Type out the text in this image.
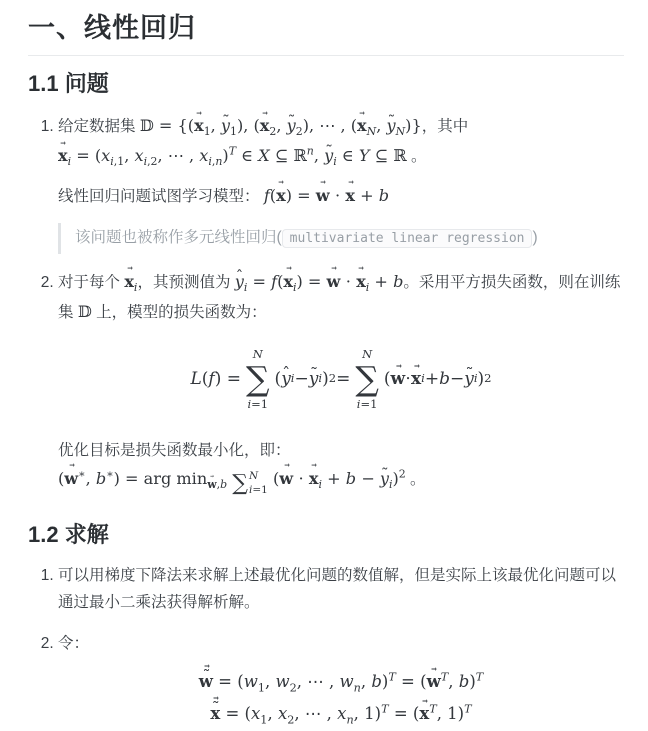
一、线性回归
1.1 问题
1. 给定数据集 𝔻 = {($x \to_1$, y $˜_1$), ($x \to_2$, y $˜_2$), ⋯ , ($x \to_N$, y $˜_N$)}，其中
$x \to_i = (x_{i,1}$, $x_{i,2}$, ⋯ , $x_{i,n})^T$ ∈ X ⊆ ℝ$^n$, y $˜_i$ ∈ Y ⊆ ℝ 。

线性回归问题试图学习模型： f(x →) = w → ⋅ x → + b

该问题也被称作多元线性回归( multivariate linear regression )

2. 对于每个 $x \to_i$，其预测值为 y ˆ$_i$ = $f(x \to_i) = w$ → ⋅ $x \to_i + b$。采用平方损失函数，则在训练集 𝔻 上，模型的损失函数为：

L ( f ) =
N
∑
i=1
( y ˆ i − y ˜ i ) 2 =
N
∑
i=1
( w → ⋅ x → i + b − y ˜ i ) 2

优化目标是损失函数最小化，即：

(w →∗, b∗) = arg $\min_{w \to,b}$ ∑ N
i=1
(w → ⋅ $x \to_i + b - y$ $˜_i)^2$ 。

1.2 求解

1. 可以用梯度下降法来求解上述最优化问题的数值解，但是实际上该最优化问题可以通过最小二乘法获得解析解。

2. 令：

˜ w → = ($w_1$, $w_2$, ⋯ , $w_n$, b)$^T$ = (w →$^T$, b)$^T$
˜ x → = ($x_1$, $x_2$, ⋯ , $x_n$, 1)$^T$ = (x →$^T$, 1)$^T$
